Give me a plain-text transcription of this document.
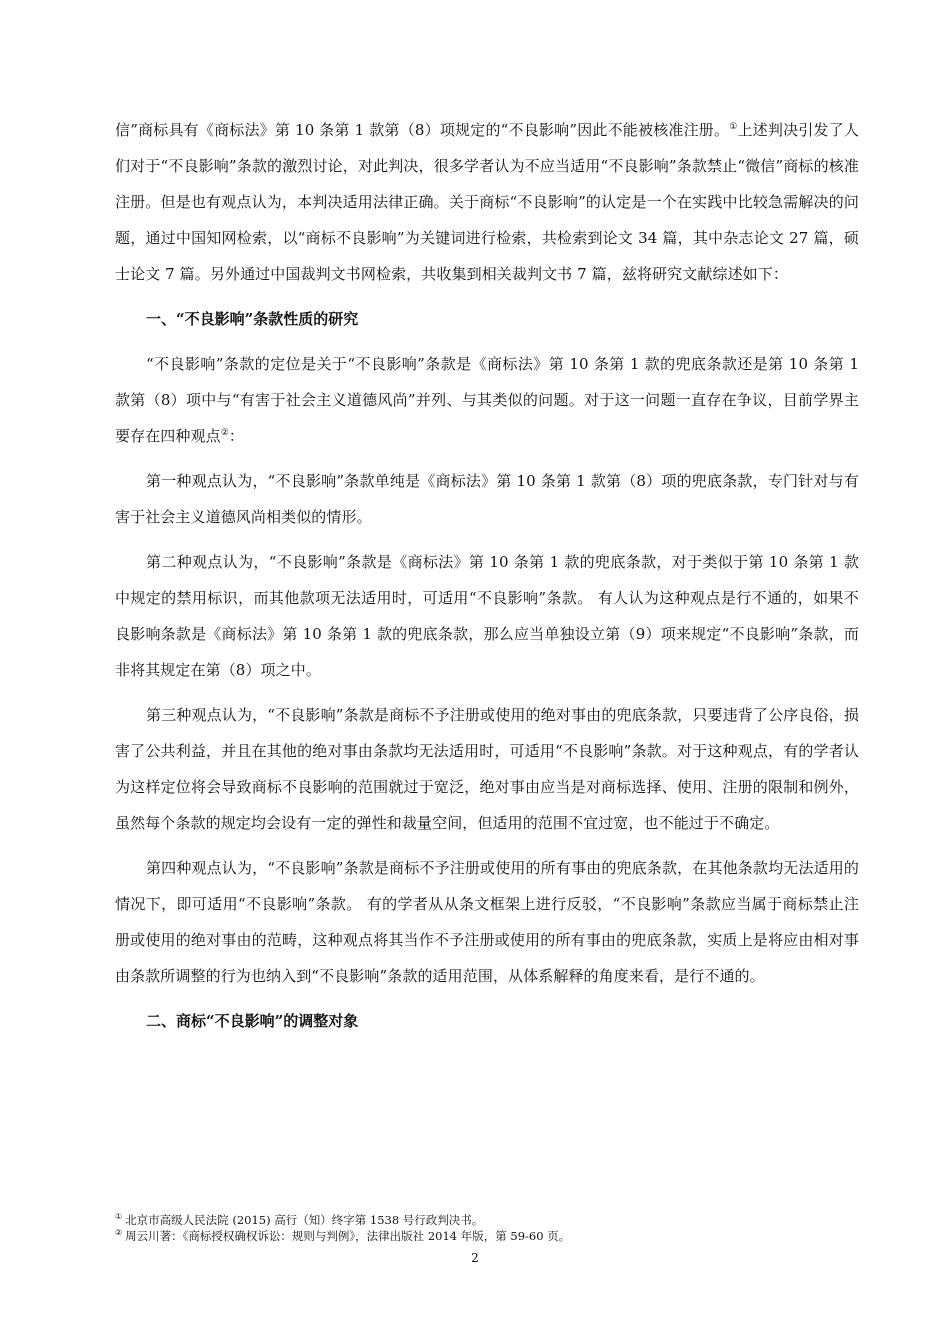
信”商标具有《商标法》第 10 条第 1 款第（8）项规定的“不良影响”因此不能被核准注册。①上述判决引发了人们对于“不良影响”条款的激烈讨论，对此判决，很多学者认为不应当适用“不良影响”条款禁止“微信”商标的核准注册。但是也有观点认为，本判决适用法律正确。关于商标“不良影响”的认定是一个在实践中比较急需解决的问题，通过中国知网检索，以“商标不良影响”为关键词进行检索，共检索到论文 34 篇，其中杂志论文 27 篇，硕士论文 7 篇。另外通过中国裁判文书网检索，共收集到相关裁判文书 7 篇，兹将研究文献综述如下：

一、“不良影响”条款性质的研究

“不良影响”条款的定位是关于“不良影响”条款是《商标法》第 10 条第 1 款的兜底条款还是第 10 条第 1 款第（8）项中与“有害于社会主义道德风尚”并列、与其类似的问题。对于这一问题一直存在争议，目前学界主要存在四种观点②：

第一种观点认为，“不良影响”条款单纯是《商标法》第 10 条第 1 款第（8）项的兜底条款，专门针对与有害于社会主义道德风尚相类似的情形。

第二种观点认为，“不良影响”条款是《商标法》第 10 条第 1 款的兜底条款，对于类似于第 10 条第 1 款中规定的禁用标识，而其他款项无法适用时，可适用“不良影响”条款。 有人认为这种观点是行不通的，如果不良影响条款是《商标法》第 10 条第 1 款的兜底条款，那么应当单独设立第（9）项来规定“不良影响”条款，而非将其规定在第（8）项之中。

第三种观点认为，“不良影响”条款是商标不予注册或使用的绝对事由的兜底条款，只要违背了公序良俗，损害了公共利益，并且在其他的绝对事由条款均无法适用时，可适用“不良影响”条款。对于这种观点，有的学者认为这样定位将会导致商标不良影响的范围就过于宽泛，绝对事由应当是对商标选择、使用、注册的限制和例外，虽然每个条款的规定均会设有一定的弹性和裁量空间，但适用的范围不宜过宽，也不能过于不确定。

第四种观点认为，“不良影响”条款是商标不予注册或使用的所有事由的兜底条款，在其他条款均无法适用的情况下，即可适用“不良影响”条款。 有的学者从从条文框架上进行反驳，“不良影响”条款应当属于商标禁止注册或使用的绝对事由的范畴，这种观点将其当作不予注册或使用的所有事由的兜底条款，实质上是将应由相对事由条款所调整的行为也纳入到“不良影响”条款的适用范围，从体系解释的角度来看，是行不通的。

二、商标“不良影响”的调整对象

① 北京市高级人民法院 (2015) 高行（知）终字第 1538 号行政判决书。

② 周云川著：《商标授权确权诉讼：规则与判例》，法律出版社 2014 年版，第 59-60 页。

2
